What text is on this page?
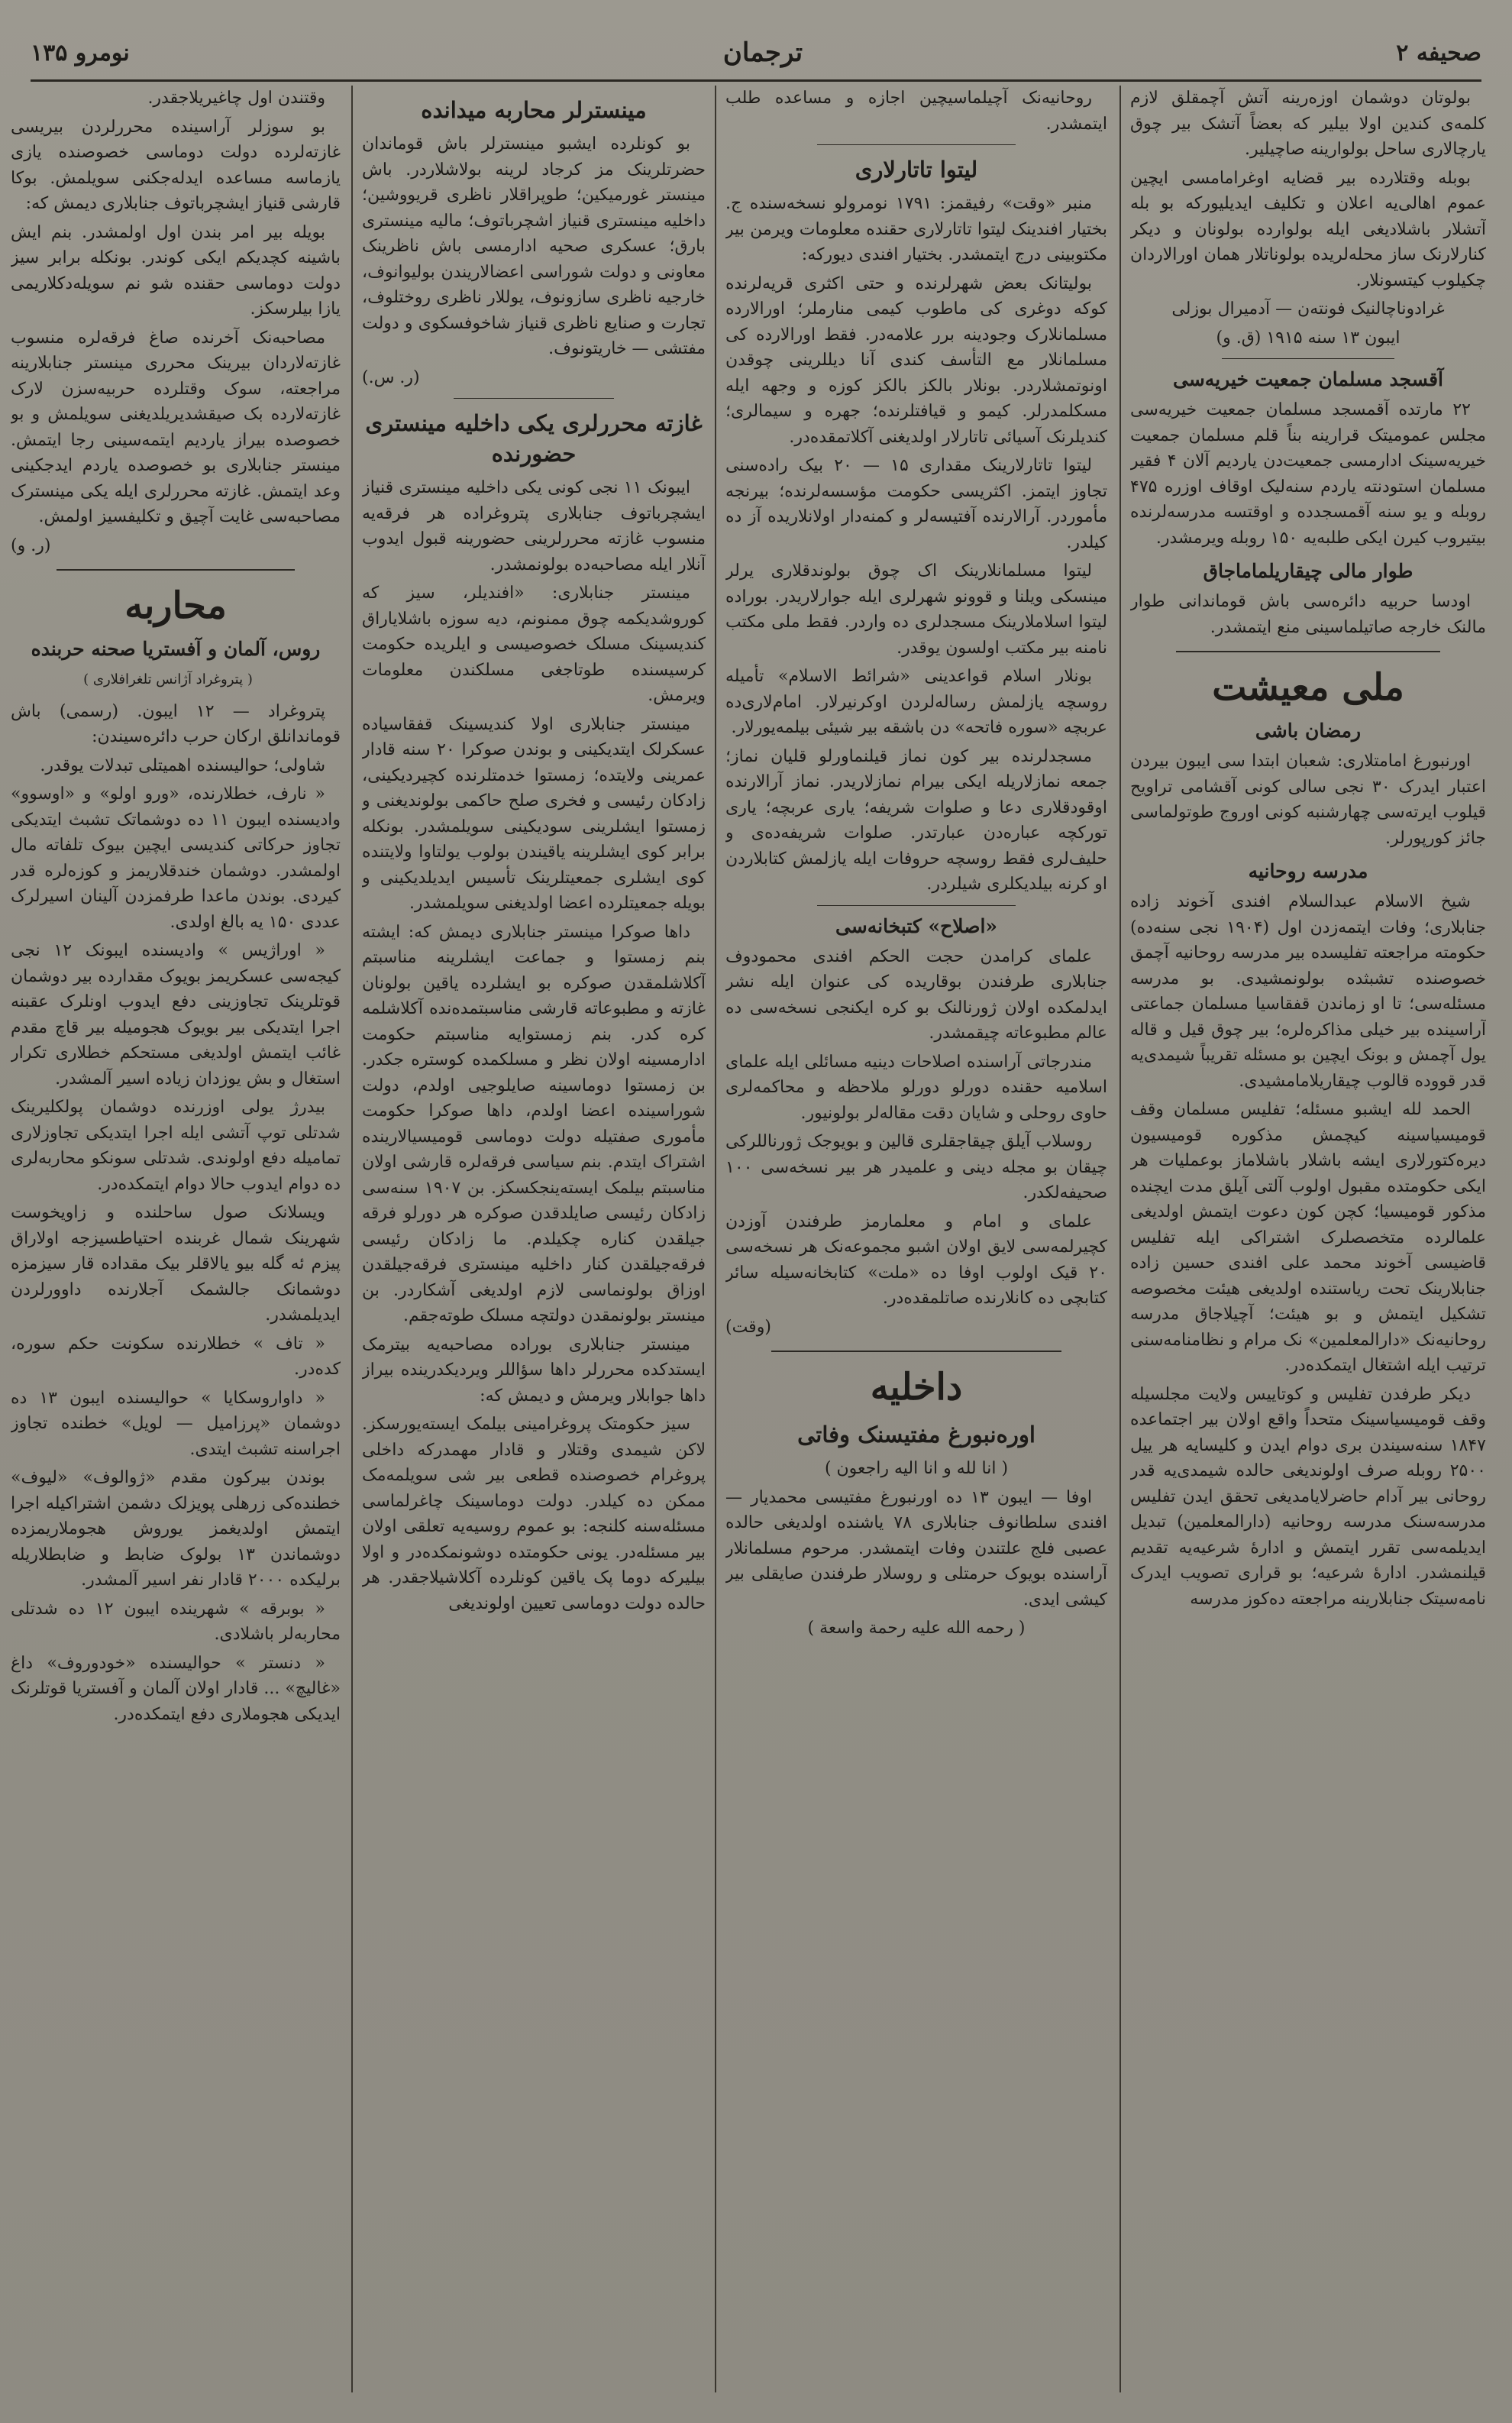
صحيفه ۲
ترجمان
نومرو ۱۳۵

بولوتان دوشمان اوزه‌رینه آتش آچمقلق لازم کلمه‌ی کندین اولا بیلیر که بعضاً آتشک بیر چوق یارچالاری ساحل بولوارینه صاچیلیر.

بوبله وقتلارده بیر قضایه اوغرامامسی ایچین عموم اهالی‌یه اعلان و تکلیف ایدیلیورکه بو بله آتشلار باشلادیغی ایله بولوارده بولونان و دیکر کنارلارنک ساز محله‌لریده بولوناتلار همان اورالاردان چکیلوب کیتسونلار.

غرادوناچالنیک فونته‌ن — آدمیرال بوزلی

ایبون ۱۳ سنه ۱۹۱۵ (ق. و)

آقسجد مسلمان جمعیت خیریه‌سی

۲۲ مارتده آقمسجد مسلمان جمعیت خیریه‌سی مجلس عمومیتک قرارینه بناً قلم مسلمان جمعیت خیریه‌سینک ادارمسی جمعیت‌دن یاردیم آلان ۴ فقیر مسلمان استودنته یاردم سنه‌لیک اوقاف اوزره ۴۷۵ روبله و یو سنه آقمسجدده و اوقتسه مدرسه‌لرنده بیتیروب کیرن ایکی طلبه‌یه ۱۵۰ روبله ویرمشدر.

طوار مالی چیقاریلماماجاق

اودسا حربیه دائره‌سی باش قوماندانی طوار مالنک خارجه صاتیلماسینی منع ایتمشدر.

ملی معیشت
رمضان باشی

اورنبورغ امامتلاری: شعبان ابتدا سی ایبون بیردن اعتبار ایدرک ۳۰ نجی سالی کونی آقشامی تراویح قیلوب ایرته‌سی چهارشنبه کونی اوروج طوتولماسی جائز کورپورلر.

مدرسه روحانیه

شیخ الاسلام عبدالسلام افندی آخوند زاده جنابلاری؛ وفات ایتمه‌زدن اول (۱۹۰۴ نجی سنه‌ده) حکومته مراجعته تفلیسده بیر مدرسه روحانیه آچمق خصوصنده تشبثده بولونمشیدی. بو مدرسه مسئله‌سی؛ تا او زماندن قفقاسیا مسلمان جماعتی آراسینده بیر خیلی مذاکره‌لره؛ بیر چوق قیل و قاله یول آچمش و بونک ایچین بو مسئله تقریباً شیمدی‌یه قدر قووده قالوب چیقاریلامامشیدی.

الحمد لله ایشبو مسئله؛ تفلیس مسلمان وقف قومیسیاسینه کیچمش مذکوره قومیسیون دیره‌کتورلاری ایشه باشلار باشلاماز بوعملیات هر ایکی حکومتده مقبول اولوب آلتی آیلق مدت ایچنده مذکور قومیسیا؛ کچن کون دعوت ایتمش اولدیغی علمالرده متخصصلرک اشتراکی ایله تفلیس قاضیسی آخوند محمد علی افندی حسین زاده جنابلارینک تحت ریاستنده اولدیغی هیئت مخصوصه تشکیل ایتمش و بو هیئت؛ آچیلاجاق مدرسه روحانیه‌نک «دارالمعلمین» نک مرام و نظامنامه‌سنی ترتیب ایله اشتغال ایتمکده‌در.

دیکر طرفدن تفلیس و کوتاییس ولایت مجلسیله وقف قومیسیاسینک متحداً واقع اولان بیر اجتماعده ۱۸۴۷ سنه‌سیندن بری دوام ایدن و کلیسایه هر ییل ۲۵۰۰ روبله صرف اولوندیغی حالده شیمدی‌یه قدر روحانی بیر آدام حاضرلایامدیغی تحقق ایدن تفلیس مدرسه‌سنک مدرسه روحانیه (دارالمعلمین) تبدیل ایدیلمه‌سی تقرر ایتمش و ادارهٔ شرعیه‌یه تقدیم قیلنمشدر. ادارهٔ شرعیه؛ بو قراری تصویب ایدرک نامه‌سیتک جنابلارینه مراجعته ده‌کوز مدرسه

روحانیه‌نک آچیلماسیچین اجازه و مساعده طلب ایتمشدر.

لیتوا تاتارلاری

منبر «وقت» رفیقمز: ۱۷۹۱ نومرولو نسخه‌سنده ج. بختیار افندینک لیتوا تاتارلاری حقنده معلومات ویرمن بیر مکتوبینی درج ایتمشدر. بختیار افندی دیورکه:

بولیتانک بعض شهرلرنده و حتی اکثری قریه‌لرنده کوکه دوغری کی ماطوب کیمی منارملر؛ اورالارده مسلمانلارک وجودینه برر علامه‌در. فقط اورالارده کی مسلمانلار مع التأسف کندی آنا دیللرینی چوقدن اونوتمشلاردر. بونلار بالکز بالکز کوزه و وجهه ایله مسکلمدرلر. کیمو و قیافتلرنده؛ جهره و سیمالری؛ کندیلرنک آسیائی تاتارلار اولدیغنی آکلاتمقده‌در.

لیتوا تاتارلارینک مقداری ۱۵ — ۲۰ بیک راده‌سنی تجاوز ایتمز. اکثریسی حکومت مؤسسه‌لرنده؛ بیرنجه مأموردر. آرالارنده آفتیسه‌لر و کمنه‌دار اولانلاریده آز ده کیلدر.

لیتوا مسلمانلارینک اک چوق بولوندقلاری یرلر مینسکی ویلنا و قوونو شهرلری ایله جوارلاریدر. بوراده لیتوا اسلاملارینک مسجدلری ده واردر. فقط ملی مکتب نامنه بیر مکتب اولسون یوقدر.

بونلار اسلام قواعدینی «شرائط الاسلام» تأمیله روسچه یازلمش رساله‌لردن اوکرنیرلار. امام‌لاری‌ده عربچه «سوره فاتحه» دن باشقه بیر شیئی بیلمه‌یورلار.

مسجدلرنده بیر کون نماز قیلنماورلو قلیان نماز؛ جمعه نمازلاریله ایکی بیرام نمازلاریدر. نماز آرالارنده اوقودقلاری دعا و صلوات شریفه‌؛ یاری عربچه؛ یاری تورکچه عباره‌دن عبارتدر. صلوات شریفه‌ده‌ی و حلیف‌لری فقط روسچه حروفات ایله یازلمش کتابلاردن او کرنه بیلدیکلری شیلردر.

«اصلاح» کتبخانه‌سی

علمای کرامدن حجت الحکم افندی محمودوف جنابلاری طرفندن بوقاریده کی عنوان ایله نشر ایدلمکده اولان ژورنالنک بو کره ایکنجی نسخه‌سی ده عالم مطبوعاته چیقمشدر.

مندرجاتی آراسنده اصلاحات دینیه مسائلی ایله علمای اسلامیه حقنده دورلو دورلو ملاحظه و محاکمه‌لری حاوی روحلی و شایان دقت مقاله‌لر بولونیور.

روسلاب آیلق چیقاجقلری قالین و بویوجک ژورناللرکی چیقان بو مجله دینی و علمیدر هر بیر نسخه‌سی ۱۰۰ صحیفه‌لکدر.

علمای و امام و معلمارمز طرفندن آوزدن کچیرلمه‌سی لایق اولان اشبو مجموعه‌نک هر نسخه‌سی ۲۰ قیک اولوب اوفا ده «ملت» کتابخانه‌سیله سائر کتابچی ده کانلارنده صاتلمقده‌در.

(وقت)

داخلیه
اوره‌نبورغ مفتیسنک وفاتی

( انا لله و انا الیه راجعون )

اوفا — ایبون ۱۳ ده اورنبورغ مفتیسی محمدیار — افندی سلطانوف جنابلاری ۷۸ یاشنده اولدیغی حالده عصبی فلج علتندن وفات ایتمشدر. مرحوم مسلمانلار آراسنده بویوک حرمتلی و روسلار طرفندن صایقلی بیر کیشی ایدی.

( رحمه الله علیه رحمة واسعة )

مینسترلر محاربه میدانده

بو کونلرده ایشبو مینسترلر باش قوماندان حضرتلرینک مز کرجاد لرینه بولاشلاردر. باش مینستر غورمیکین؛ طوپراقلار ناظری قریووشین؛ داخلیه مینستری قنیاز اشچرباتوف؛ مالیه مینستری بارق؛ عسکری صحیه ادارمسی باش ناظرینک معاونی و دولت شوراسی اعضالاریندن بولیوانوف، خارجیه ناظری سازونوف، یوللار ناظری روختلوف، تجارت و صنایع ناظری قنیاز شاخوفسکوی و دولت مفتشی — خاریتونوف.

(ر. س.)

غازته محررلری یکی داخلیه مینستری حضورنده

ایبونک ۱۱ نجی کونی یکی داخلیه مینستری قنیاز ایشچرباتوف جنابلاری پتروغراده هر فرقه‌یه منسوب غازته محررلرینی حضورینه قبول ایدوب آنلار ایله مصاحبه‌ده بولونمشدر.

مینستر جنابلاری: «افندیلر، سیز که کوروشدیکمه چوق ممنونم، دیه سوزه باشلایاراق کندیسینک مسلک خصوصیسی و ایلریده حکومت کرسیسنده طوتاجغی مسلکندن معلومات ویرمش.

مینستر جنابلاری اولا کندیسینک قفقاسیاده عسکرلک ایتدیکینی و بوندن صوکرا ۲۰ سنه قادار عمرینی ولایتده؛ زمستوا خدمتلرنده کچیردیکینی، زادکان رئیسی و فخری صلح حاکمی بولوندیغنی و زمستوا ایشلرینی سودیکینی سویلمشدر. بونکله برابر کوی ایشلرینه یاقیندن بولوب یولتاوا ولایتنده کوی ایشلری جمعیتلرینک تأسیس ایدیلدیکینی و بویله جمعیتلرده اعضا اولدیغنی سویلمشدر.

داها صوکرا مینستر جنابلاری دیمش که: ایشته بنم زمستوا و جماعت ایشلرینه مناسبتم آکلاشلمقدن صوکره بو ایشلرده یاقین بولونان غازته و مطبوعاته قارشی مناسبتمده‌نده آکلاشلمه کره کدر. بنم زمستوایه مناسبتم حکومت ادارمسینه اولان نظر و مسلکمده کوستره جکدر. بن زمستوا دوماسینه صایلوجیی اولدم، دولت شوراسینده اعضا اولدم، داها صوکرا حکومت مأموری صفتیله دولت دوماسی قومیسیالارینده اشتراک ایتدم. بنم سیاسی فرقه‌لره قارشی اولان مناسبتم بیلمک ایسته‌ینجکسکز. بن ۱۹۰۷ سنه‌سی زادکان رئیسی صایلدقدن صوکره هر دورلو فرقه جیلقدن کناره چکیلدم. ما زادکان رئیسی فرقه‌جیلقدن کنار داخلیه مینستری فرقه‌جیلقدن اوزاق بولونماسی لازم اولدیغی آشکاردر. بن مینستر بولونمقدن دولتچه مسلک طوته‌جقم.

مینستر جنابلاری بوراده مصاحبه‌یه بیترمک ایستدکده محررلر داها سؤاللر ویردیکدرینده بیراز داها جوابلار ویرمش و دیمش که:

سیز حکومتک پروغرامینی بیلمک ایسته‌یورسکز. لاکن شیمدی وقتلار و قادار مهمدرکه داخلی پروغرام خصوصنده قطعی بیر شی سویلمه‌مک ممکن ده کیلدر. دولت دوماسینک چاغرلماسی مسئله‌سنه کلنجه: بو عموم روسیه‌یه تعلقی اولان بیر مسئله‌در. یونی حکومتده دوشونمکده‌در و اولا بیلیرکه دوما پک یاقین کونلرده آکلاشیلاجقدر. هر حالده دولت دوماسی تعیین اولوندیغی

وقتندن اول چاغیریلاجقدر.

بو سوزلر آراسینده محررلردن بیریسی غازته‌لرده دولت دوماسی خصوصنده یازی یازماسه مساعده ایدله‌جکنی سویلمش. بوکا قارشی قنیاز ایشچرباتوف جنابلاری دیمش که:

بویله بیر امر بندن اول اولمشدر. بنم ایش باشینه کچدیکم ایکی کوندر. بونکله برابر سیز دولت دوماسی حقنده شو نم سویله‌دکلاریمی یازا بیلرسکز.

مصاحبه‌نک آخرنده صاغ فرقه‌لره منسوب غازته‌لاردان بیرینک محرری مینستر جنابلارینه مراجعته، سوک وقتلرده حربیه‌سزن لارک غازته‌لارده بک صیقشدیریلدیغنی سویلمش و بو خصوصده بیراز یاردیم ایتمه‌سینی رجا ایتمش. مینستر جنابلاری بو خصوصده یاردم ایدجکینی وعد ایتمش. غازته محررلری ایله یکی مینسترک مصاحبه‌سی غایت آچیق و تکلیفسیز اولمش.

(ر. و)

محاربه
روس، آلمان و آفستریا صحنه حربنده

( پتروغراد آژانس تلغرافلاری )

پتروغراد — ۱۲ ایبون. (رسمی) باش قوماندانلق ارکان حرب دائره‌سیندن:

شاولی؛ حوالیسنده اهمیتلی تبدلات یوقدر.

« نارف، خطلارنده، «ورو اولو» و «اوسوو» وادیسنده ایبون ۱۱ ده دوشماتک تشبث ایتدیکی تجاوز حرکاتی کندیسی ایچین بیوک تلفاته مال اولمشدر. دوشمان خندقلاریمز و کوزه‌لره قدر کیردی. بوندن ماعدا طرفمزدن آلینان اسیرلرک عددی ۱۵۰ یه بالغ اولدی.

« اوراژیس » وادیسنده ایبونک ۱۲ نجی کیجه‌سی عسکریمز بویوک مقدارده بیر دوشمان قوتلرینک تجاوزینی دفع ایدوب اونلرک عقبنه اجرا ایتدیکی بیر بویوک هجومیله بیر قاچ مقدم غائب ایتمش اولدیغی مستحکم خطلاری تکرار استغال و بش یوزدان زیاده اسیر آلمشدر.

بیدرژ یولی اوزرنده دوشمان پولکلیرینک شدتلی توپ آتشی ایله اجرا ایتدیکی تجاوزلاری تمامیله دفع اولوندی. شدتلی سونکو محاربه‌لری ده دوام ایدوب حالا دوام ایتمکده‌در.

ویسلانک صول ساحلنده و زاویخوست شهرینک شمال غربنده احتیاطسیزجه اولاراق پیزم ئه گله بیو یالاقلر بیک مقداده قار سیزمزه دوشمانک جالشمک آجلارنده داوورلردن ایدیلمشدر.

« تاف » خطلارنده سکونت حکم سوره، کده‌در.

« داواروسکایا » حوالیسنده ایبون ۱۳ ده دوشمان «پرزامیل — لویل» خطنده تجاوز اجراسنه تشبث ایتدی.

بوندن بیرکون مقدم «ژوالوف» «لیوف» خطنده‌کی زرهلی پویزلک دشمن اشتراکیله اجرا ایتمش اولدیغمز یوروش هجوملاریمزده دوشماندن ۱۳ بولوک ضابط و ضابطلاریله برلیکده ۲۰۰۰ قادار نفر اسیر آلمشدر.

« بوبرقه » شهرینده ایبون ۱۲ ده شدتلی محاربه‌لر باشلادی.

« دنستر » حوالیسنده «خودوروف» داغ «غالیچ» ... قادار اولان آلمان و آفستریا قوتلرنک ایدیکی هجوملاری دفع ایتمکده‌در.
